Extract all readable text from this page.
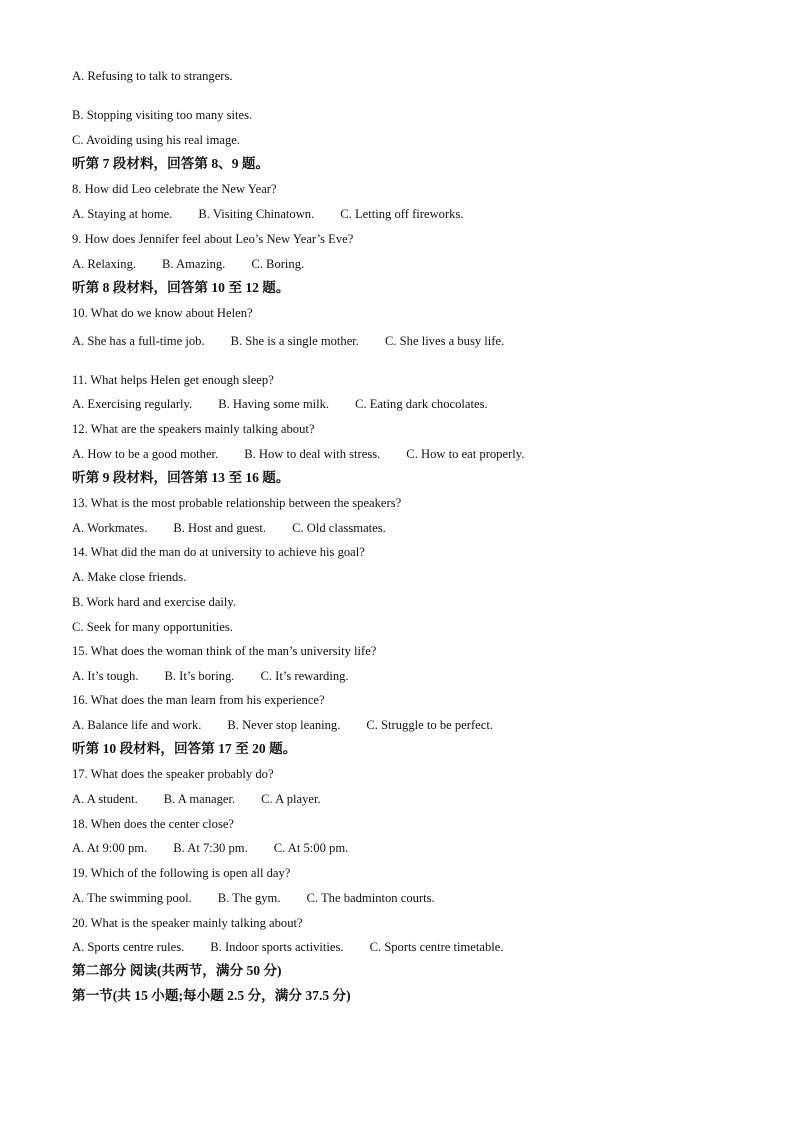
A. Refusing to talk to strangers.
B. Stopping visiting too many sites.
C. Avoiding using his real image.
听第 7 段材料，回答第 8、9 题。
8. How did Leo celebrate the New Year?
A. Staying at home. B. Visiting Chinatown. C. Letting off fireworks.
9. How does Jennifer feel about Leo’s New Year’s Eve?
A. Relaxing. B. Amazing. C. Boring.
听第 8 段材料，回答第 10 至 12 题。
10. What do we know about Helen?
A. She has a full-time job. B. She is a single mother. C. She lives a busy life.
11. What helps Helen get enough sleep?
A. Exercising regularly. B. Having some milk. C. Eating dark chocolates.
12. What are the speakers mainly talking about?
A. How to be a good mother. B. How to deal with stress. C. How to eat properly.
听第 9 段材料，回答第 13 至 16 题。
13. What is the most probable relationship between the speakers?
A. Workmates. B. Host and guest. C. Old classmates.
14. What did the man do at university to achieve his goal?
A. Make close friends.
B. Work hard and exercise daily.
C. Seek for many opportunities.
15. What does the woman think of the man’s university life?
A. It’s tough. B. It’s boring. C. It’s rewarding.
16. What does the man learn from his experience?
A. Balance life and work. B. Never stop leaning. C. Struggle to be perfect.
听第 10 段材料，回答第 17 至 20 题。
17. What does the speaker probably do?
A. A student. B. A manager. C. A player.
18. When does the center close?
A. At 9:00 pm. B. At 7:30 pm. C. At 5:00 pm.
19. Which of the following is open all day?
A. The swimming pool. B. The gym. C. The badminton courts.
20. What is the speaker mainly talking about?
A. Sports centre rules. B. Indoor sports activities. C. Sports centre timetable.
第二部分 阅读(共两节，满分 50 分)
第一节(共 15 小题;每小题 2.5 分，满分 37.5 分)
